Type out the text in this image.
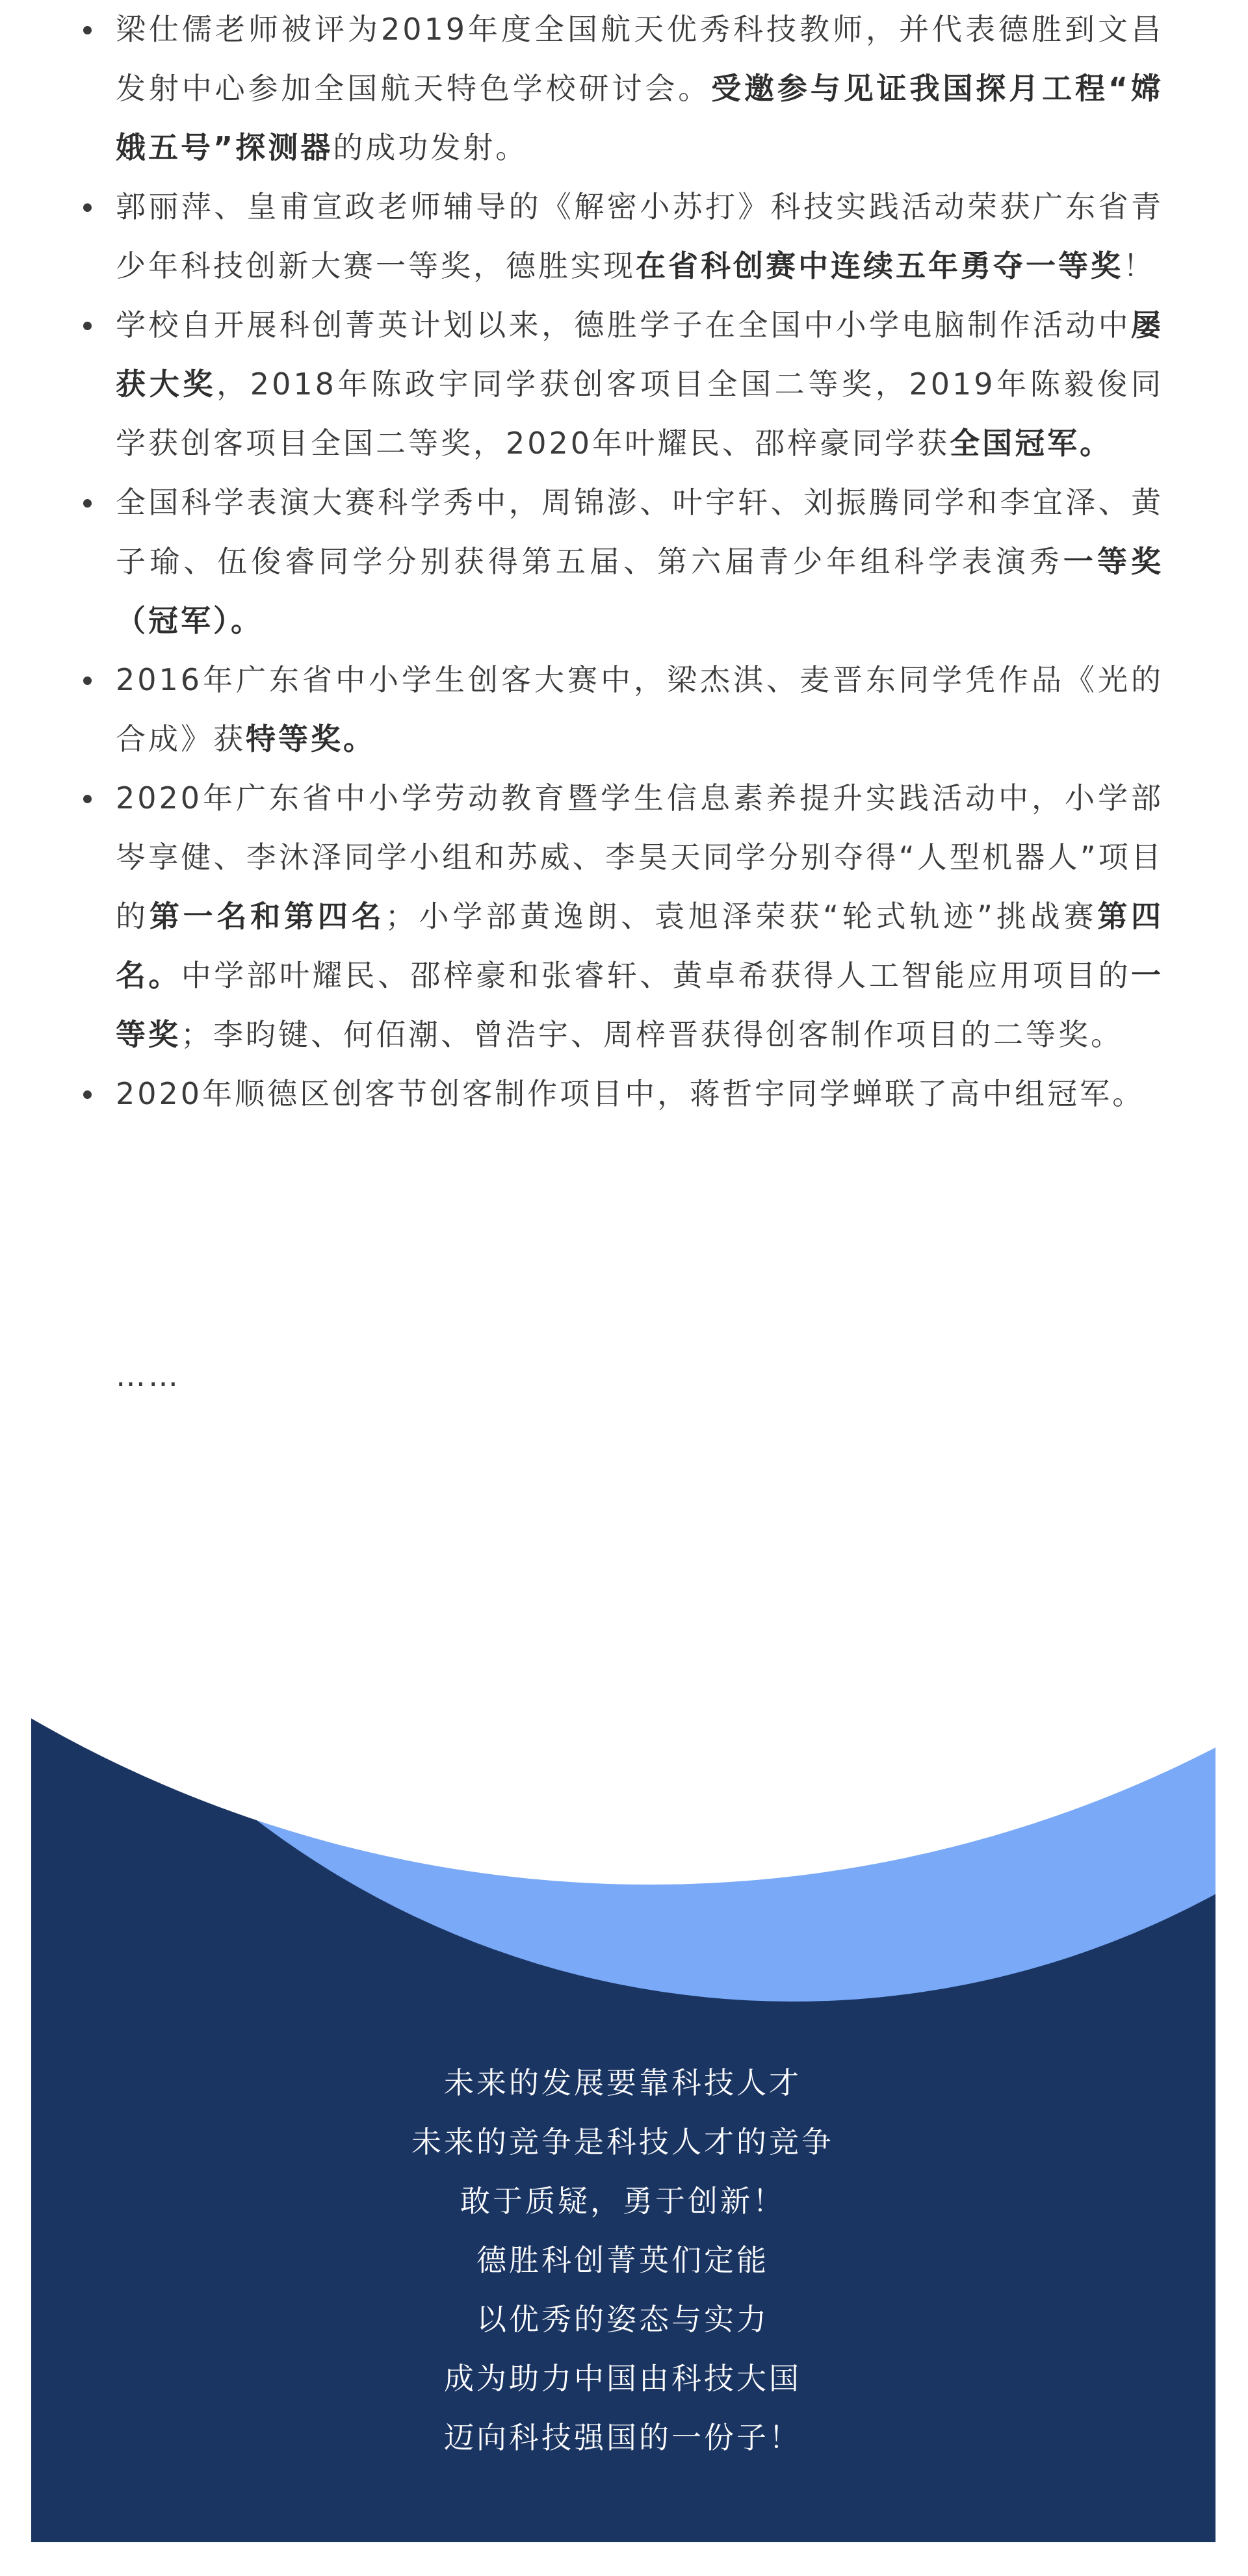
梁仕儒老师被评为2019年度全国航天优秀科技教师，并代表德胜到文昌发射中心参加全国航天特色学校研讨会。受邀参与见证我国探月工程“嫦娥五号”探测器的成功发射。
郭丽萍、皇甫宣政老师辅导的《解密小苏打》科技实践活动荣获广东省青少年科技创新大赛一等奖，德胜实现在省科创赛中连续五年勇夺一等奖！
学校自开展科创菁英计划以来，德胜学子在全国中小学电脑制作活动中屡获大奖，2018年陈政宇同学获创客项目全国二等奖，2019年陈毅俊同学获创客项目全国二等奖，2020年叶耀民、邵梓豪同学获全国冠军。
全国科学表演大赛科学秀中，周锦澎、叶宇轩、刘振腾同学和李宜泽、黄子瑜、伍俊睿同学分别获得第五届、第六届青少年组科学表演秀一等奖（冠军）。
2016年广东省中小学生创客大赛中，梁杰淇、麦晋东同学凭作品《光的合成》获特等奖。
2020年广东省中小学劳动教育暨学生信息素养提升实践活动中，小学部岑享健、李沐泽同学小组和苏威、李昊天同学分别夺得“人型机器人”项目的第一名和第四名；小学部黄逸朗、袁旭泽荣获“轮式轨迹”挑战赛第四名。中学部叶耀民、邵梓豪和张睿轩、黄卓希获得人工智能应用项目的一等奖；李昀键、何佰潮、曾浩宇、周梓晋获得创客制作项目的二等奖。
2020年顺德区创客节创客制作项目中，蒋哲宇同学蝉联了高中组冠军。
……
未来的发展要靠科技人才
未来的竞争是科技人才的竞争
敢于质疑，勇于创新！
德胜科创菁英们定能
以优秀的姿态与实力
成为助力中国由科技大国
迈向科技强国的一份子！
